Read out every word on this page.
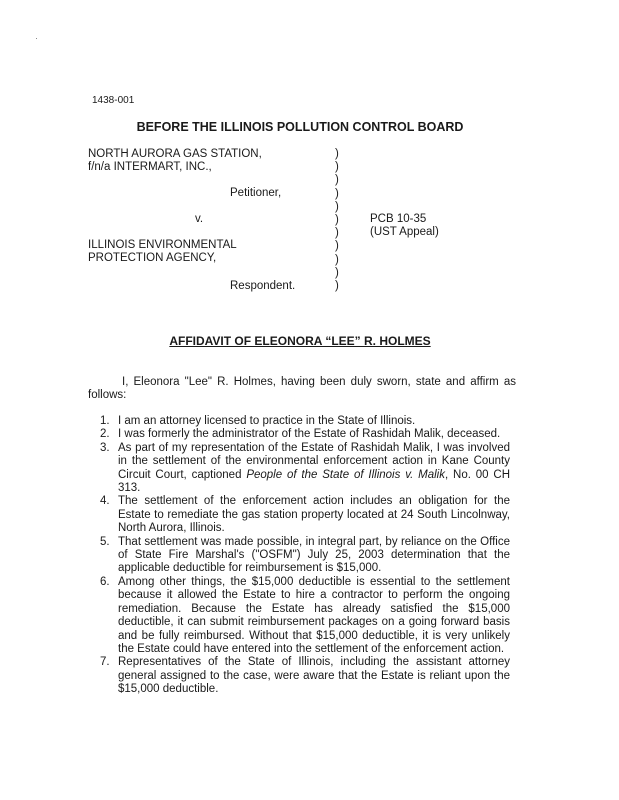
1438-001
BEFORE THE ILLINOIS POLLUTION CONTROL BOARD
NORTH AURORA GAS STATION,
f/n/a INTERMART, INC.,
Petitioner,
v.
ILLINOIS ENVIRONMENTAL
PROTECTION AGENCY,
Respondent.
PCB 10-35
(UST Appeal)
)
)
)
)
)
)
)
)
)
)
)
AFFIDAVIT OF ELEONORA “LEE” R. HOLMES
I, Eleonora "Lee" R. Holmes, having been duly sworn, state and affirm as follows:
1. I am an attorney licensed to practice in the State of Illinois.
2. I was formerly the administrator of the Estate of Rashidah Malik, deceased.
3. As part of my representation of the Estate of Rashidah Malik, I was involved in the settlement of the environmental enforcement action in Kane County Circuit Court, captioned People of the State of Illinois v. Malik, No. 00 CH 313.
4. The settlement of the enforcement action includes an obligation for the Estate to remediate the gas station property located at 24 South Lincolnway, North Aurora, Illinois.
5. That settlement was made possible, in integral part, by reliance on the Office of State Fire Marshal's ("OSFM") July 25, 2003 determination that the applicable deductible for reimbursement is $15,000.
6. Among other things, the $15,000 deductible is essential to the settlement because it allowed the Estate to hire a contractor to perform the ongoing remediation. Because the Estate has already satisfied the $15,000 deductible, it can submit reimbursement packages on a going forward basis and be fully reimbursed. Without that $15,000 deductible, it is very unlikely the Estate could have entered into the settlement of the enforcement action.
7. Representatives of the State of Illinois, including the assistant attorney general assigned to the case, were aware that the Estate is reliant upon the $15,000 deductible.
